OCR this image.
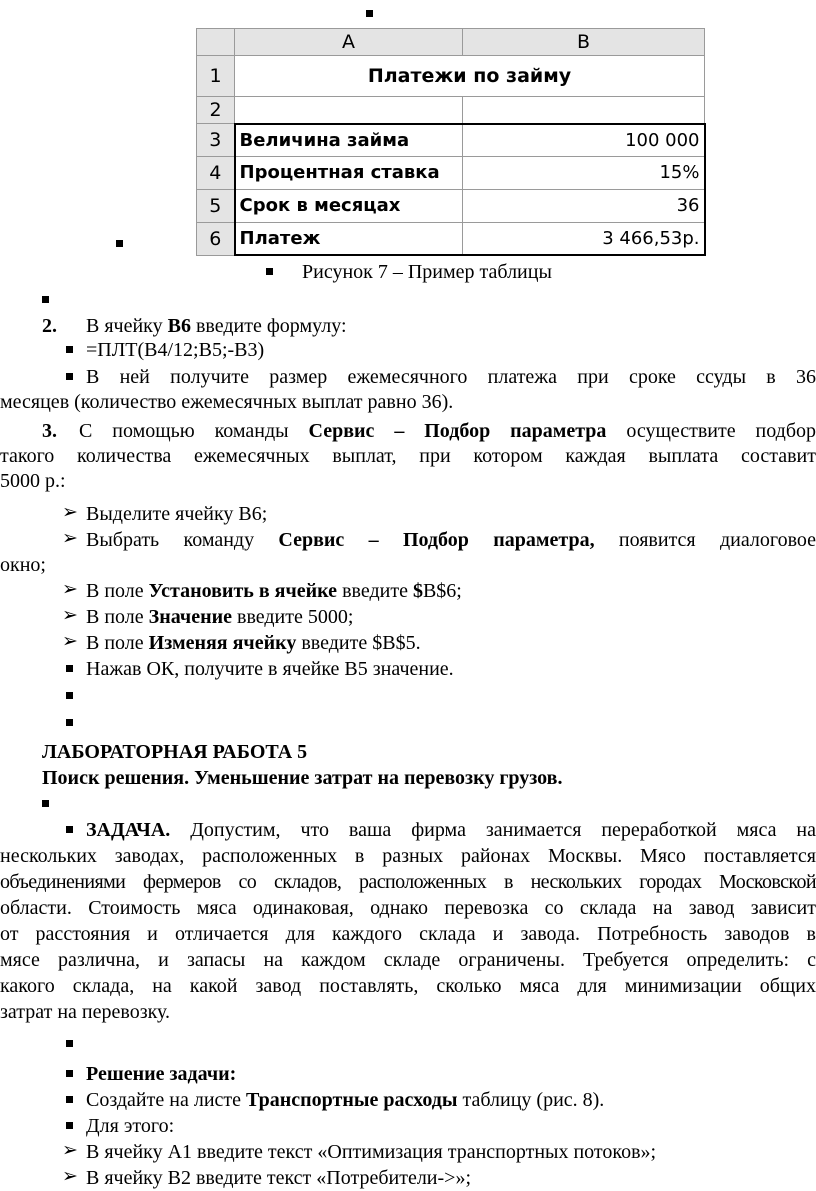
	A	B
1	Платежи по займу	
2		
3	Величина займа	100 000
4	Процентная ставка	15%
5	Срок в месяцах	36
6	Платеж	3 466,53р.
Рисунок 7 – Пример таблицы
2. В ячейку B6 введите формулу:
=ПЛТ(B4/12;B5;-B3)
В ней получите размер ежемесячного платежа при сроке ссуды в 36
месяцев (количество ежемесячных выплат равно 36).
3. С помощью команды Сервис – Подбор параметра осуществите подбор
такого количества ежемесячных выплат, при котором каждая выплата составит
5000 р.:
➢ Выделите ячейку B6;
➢ Выбрать команду Сервис – Подбор параметра, появится диалоговое
окно;
➢ В поле Установить в ячейке введите $B$6;
➢ В поле Значение введите 5000;
➢ В поле Изменяя ячейку введите $B$5.
Нажав ОК, получите в ячейке B5 значение.
ЛАБОРАТОРНАЯ РАБОТА 5
Поиск решения. Уменьшение затрат на перевозку грузов.
ЗАДАЧА. Допустим, что ваша фирма занимается переработкой мяса на
нескольких заводах, расположенных в разных районах Москвы. Мясо поставляется
объединениями фермеров со складов, расположенных в нескольких городах Московской
области. Стоимость мяса одинаковая, однако перевозка со склада на завод зависит
от расстояния и отличается для каждого склада и завода. Потребность заводов в
мясе различна, и запасы на каждом складе ограничены. Требуется определить: с
какого склада, на какой завод поставлять, сколько мяса для минимизации общих
затрат на перевозку.
Решение задачи:
Создайте на листе Транспортные расходы таблицу (рис. 8).
Для этого:
➢ В ячейку A1 введите текст «Оптимизация транспортных потоков»;
➢ В ячейку B2 введите текст «Потребители->»;
